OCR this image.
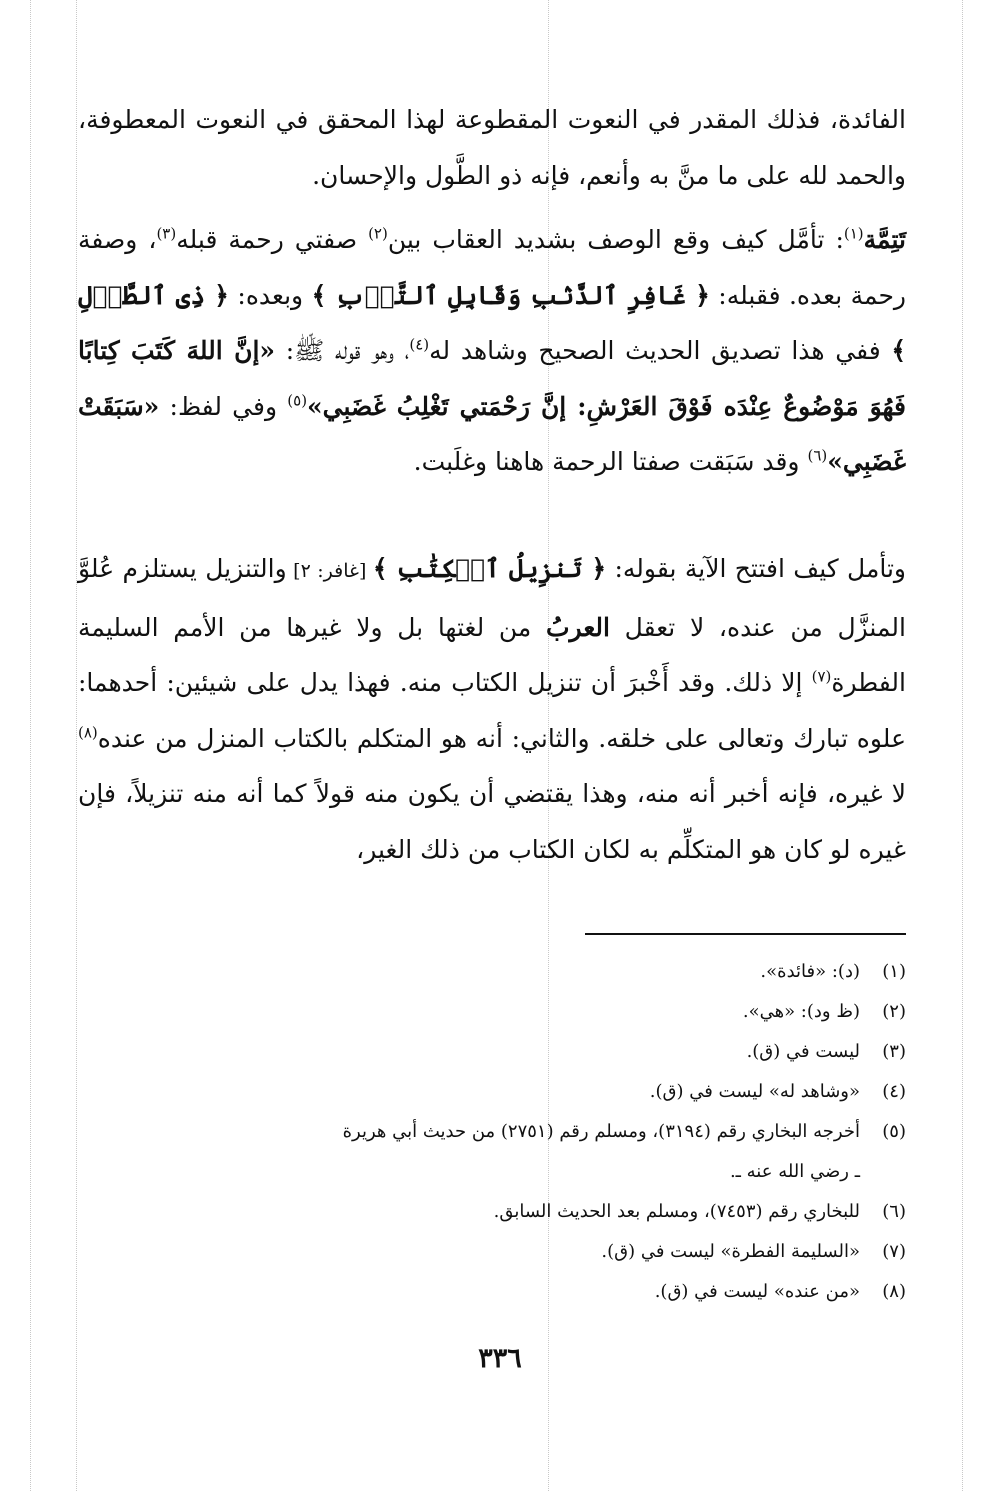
الفائدة، فذلك المقدر في النعوت المقطوعة لهذا المحقق في النعوت المعطوفة، والحمد لله على ما منَّ به وأنعم، فإنه ذو الطَّول والإحسان.

تَتِمَّة$^{(١)}$: تأمَّل كيف وقع الوصف بشديد العقاب بين$^{(٢)}$ صفتي رحمة قبله$^{(٣)}$، وصفة رحمة بعده. فقبله: ﴿ غَافِرِ ٱلذَّنۢبِ وَقَابِلِ ٱلتَّوۡبِ ﴾ وبعده: ﴿ ذِى ٱلطَّوۡلِ ﴾ ففي هذا تصديق الحديث الصحيح وشاهد له$^{(٤)}$، وهو قوله ﷺ: «إنَّ اللهَ كَتَبَ كِتابًا فَهُوَ مَوْضُوعٌ عِنْدَه فَوْقَ العَرْشِ: إنَّ رَحْمَتي تَغْلِبُ غَضَبِي»$^{(٥)}$ وفي لفظ: «سَبَقَتْ غَضَبِي»$^{(٦)}$ وقد سَبَقت صفتا الرحمة هاهنا وغلَبت.

وتأمل كيف افتتح الآية بقوله: ﴿ تَنزِيلُ ٱلۡكِتَٰبِ ﴾ [غافر: ٢] والتنزيل يستلزم عُلوَّ المنزَّل من عنده، لا تعقل العربُ من لغتها بل ولا غيرها من الأمم السليمة الفطرة$^{(٧)}$ إلا ذلك. وقد أَخْبرَ أن تنزيل الكتاب منه. فهذا يدل على شيئين: أحدهما: علوه تبارك وتعالى على خلقه. والثاني: أنه هو المتكلم بالكتاب المنزل من عنده$^{(٨)}$ لا غيره، فإنه أخبر أنه منه، وهذا يقتضي أن يكون منه قولاً كما أنه منه تنزيلاً، فإن غيره لو كان هو المتكلِّم به لكان الكتاب من ذلك الغير،

(١)
(د): «فائدة».
(٢)
(ظ ود): «هي».
(٣)
ليست في (ق).
(٤)
«وشاهد له» ليست في (ق).
(٥)
أخرجه البخاري رقم (٣١٩٤)، ومسلم رقم (٢٧٥١) من حديث أبي هريرة
ـ رضي الله عنه ـ.
(٦)
للبخاري رقم (٧٤٥٣)، ومسلم بعد الحديث السابق.
(٧)
«السليمة الفطرة» ليست في (ق).
(٨)
«من عنده» ليست في (ق).
٣٣٦
